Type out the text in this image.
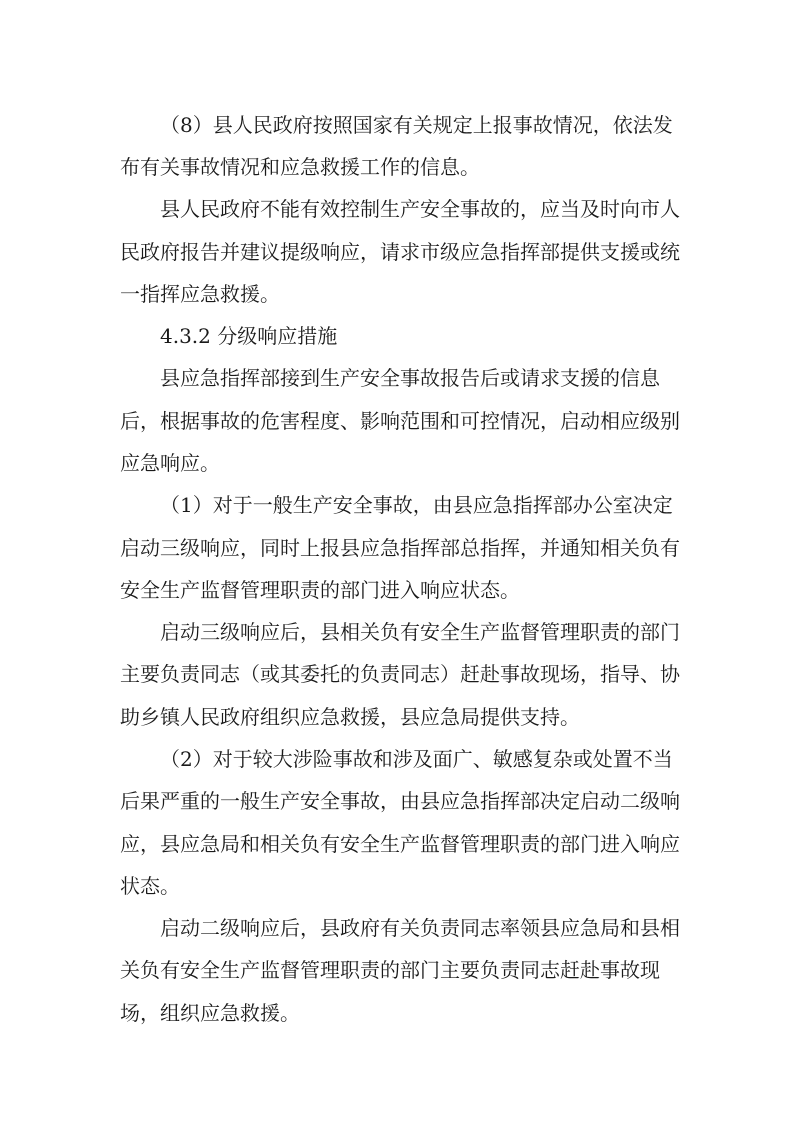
（8）县人民政府按照国家有关规定上报事故情况，依法发
布有关事故情况和应急救援工作的信息。
县人民政府不能有效控制生产安全事故的，应当及时向市人
民政府报告并建议提级响应，请求市级应急指挥部提供支援或统
一指挥应急救援。
4.3.2 分级响应措施
县应急指挥部接到生产安全事故报告后或请求支援的信息
后，根据事故的危害程度、影响范围和可控情况，启动相应级别
应急响应。
（1）对于一般生产安全事故，由县应急指挥部办公室决定
启动三级响应，同时上报县应急指挥部总指挥，并通知相关负有
安全生产监督管理职责的部门进入响应状态。
启动三级响应后，县相关负有安全生产监督管理职责的部门
主要负责同志（或其委托的负责同志）赶赴事故现场，指导、协
助乡镇人民政府组织应急救援，县应急局提供支持。
（2）对于较大涉险事故和涉及面广、敏感复杂或处置不当
后果严重的一般生产安全事故，由县应急指挥部决定启动二级响
应，县应急局和相关负有安全生产监督管理职责的部门进入响应
状态。
启动二级响应后，县政府有关负责同志率领县应急局和县相
关负有安全生产监督管理职责的部门主要负责同志赶赴事故现
场，组织应急救援。
